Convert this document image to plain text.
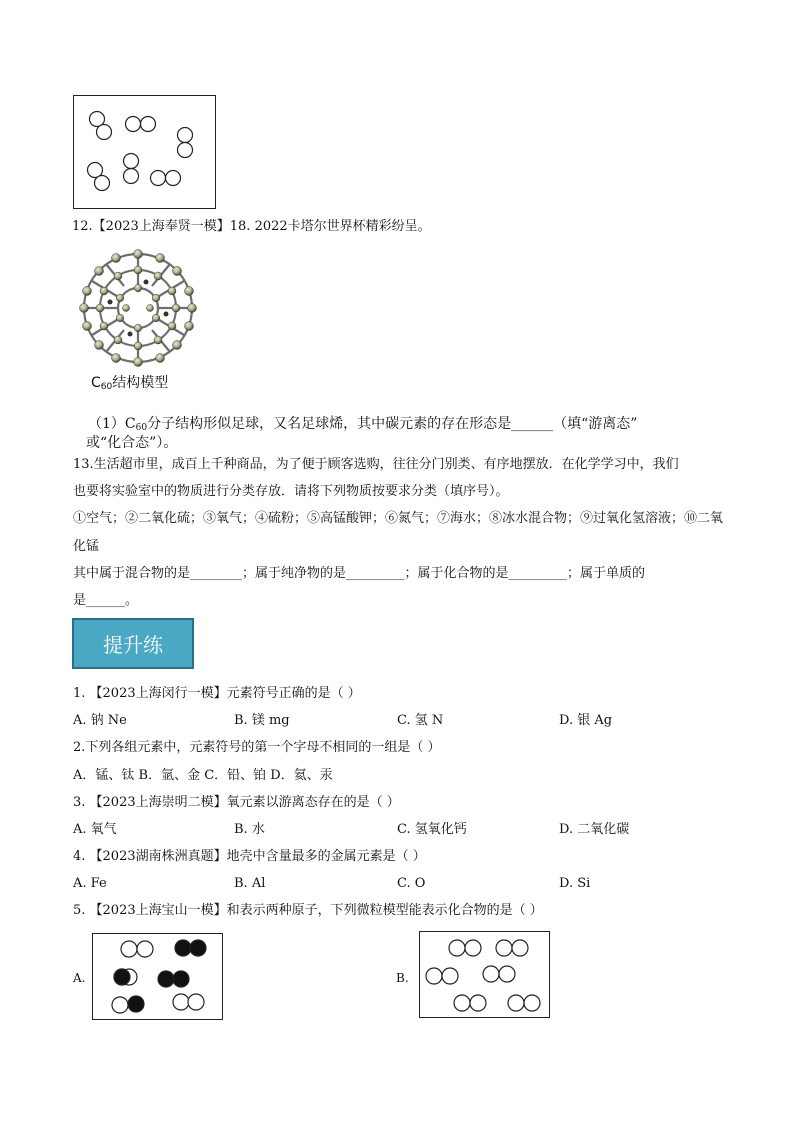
12.【2023上海奉贤一模】18. 2022卡塔尔世界杯精彩纷呈。
$C_{60}$结构模型
$(1)C_{60}$分子结构形似足球，又名足球烯，其中碳元素的存在形态是______（填“游离态”
或“化合态”）。
13.生活超市里，成百上千种商品，为了便于顾客选购，往往分门别类、有序地摆放．在化学学习中，我们
也要将实验室中的物质进行分类存放．请将下列物质按要求分类（填序号）。
①空气；②二氧化硫；③氧气；④硫粉；⑤高锰酸钾；⑥氮气；⑦海水；⑧冰水混合物；⑨过氧化氢溶液；⑩二氧
化锰
其中属于混合物的是________；属于纯净物的是_________；属于化合物的是_________；属于单质的
是______。
提升练
1. 【2023上海闵行一模】元素符号正确的是（ ）
A. 钠 Ne	B. 镁 mg	C. 氢 N	D. 银 Ag
2.下列各组元素中，元素符号的第一个字母不相同的一组是（ ）
A．锰、钛 B．氩、金 C．铅、铂 D．氦、汞
3. 【2023上海崇明二模】氧元素以游离态存在的是（ ）
A. 氧气	B. 水	C. 氢氧化钙	D. 二氧化碳
4. 【2023湖南株洲真题】地壳中含量最多的金属元素是（ ）
A. Fe	B. Al	C. O	D. Si
5. 【2023上海宝山一模】和表示两种原子，下列微粒模型能表示化合物的是（ ）
A.	B.
